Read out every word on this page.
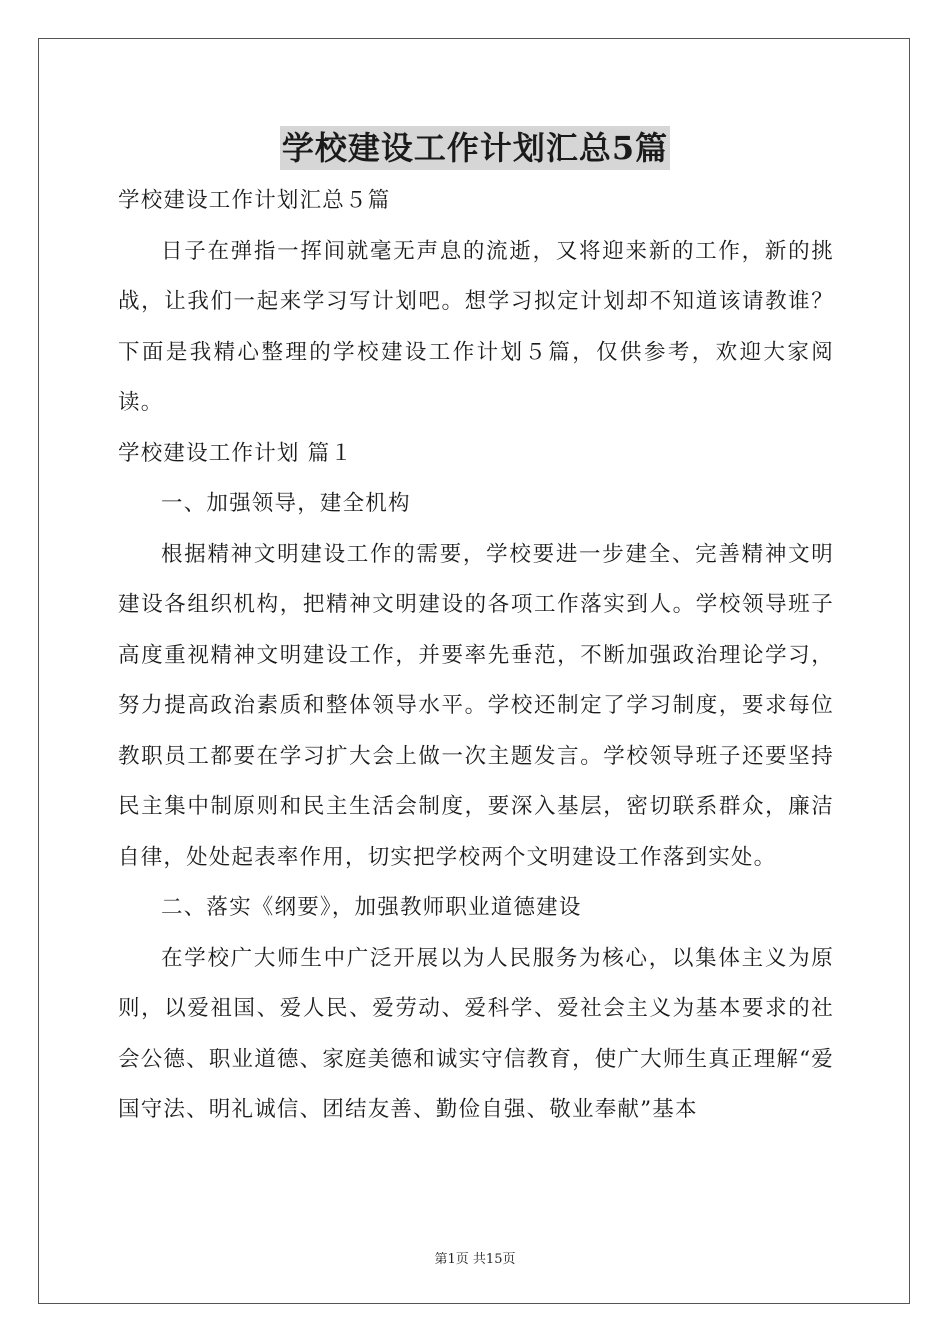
学校建设工作计划汇总5篇

学校建设工作计划汇总５篇

日子在弹指一挥间就毫无声息的流逝，又将迎来新的工作，新的挑战，让我们一起来学习写计划吧。想学习拟定计划却不知道该请教谁？下面是我精心整理的学校建设工作计划５篇，仅供参考，欢迎大家阅读。

学校建设工作计划 篇１

一、加强领导，建全机构

根据精神文明建设工作的需要，学校要进一步建全、完善精神文明建设各组织机构，把精神文明建设的各项工作落实到人。学校领导班子高度重视精神文明建设工作，并要率先垂范，不断加强政治理论学习，努力提高政治素质和整体领导水平。学校还制定了学习制度，要求每位教职员工都要在学习扩大会上做一次主题发言。学校领导班子还要坚持民主集中制原则和民主生活会制度，要深入基层，密切联系群众，廉洁自律，处处起表率作用，切实把学校两个文明建设工作落到实处。

二、落实《纲要》，加强教师职业道德建设

在学校广大师生中广泛开展以为人民服务为核心，以集体主义为原则，以爱祖国、爱人民、爱劳动、爱科学、爱社会主义为基本要求的社会公德、职业道德、家庭美德和诚实守信教育，使广大师生真正理解“爱国守法、明礼诚信、团结友善、勤俭自强、敬业奉献”基本

第1页 共15页
